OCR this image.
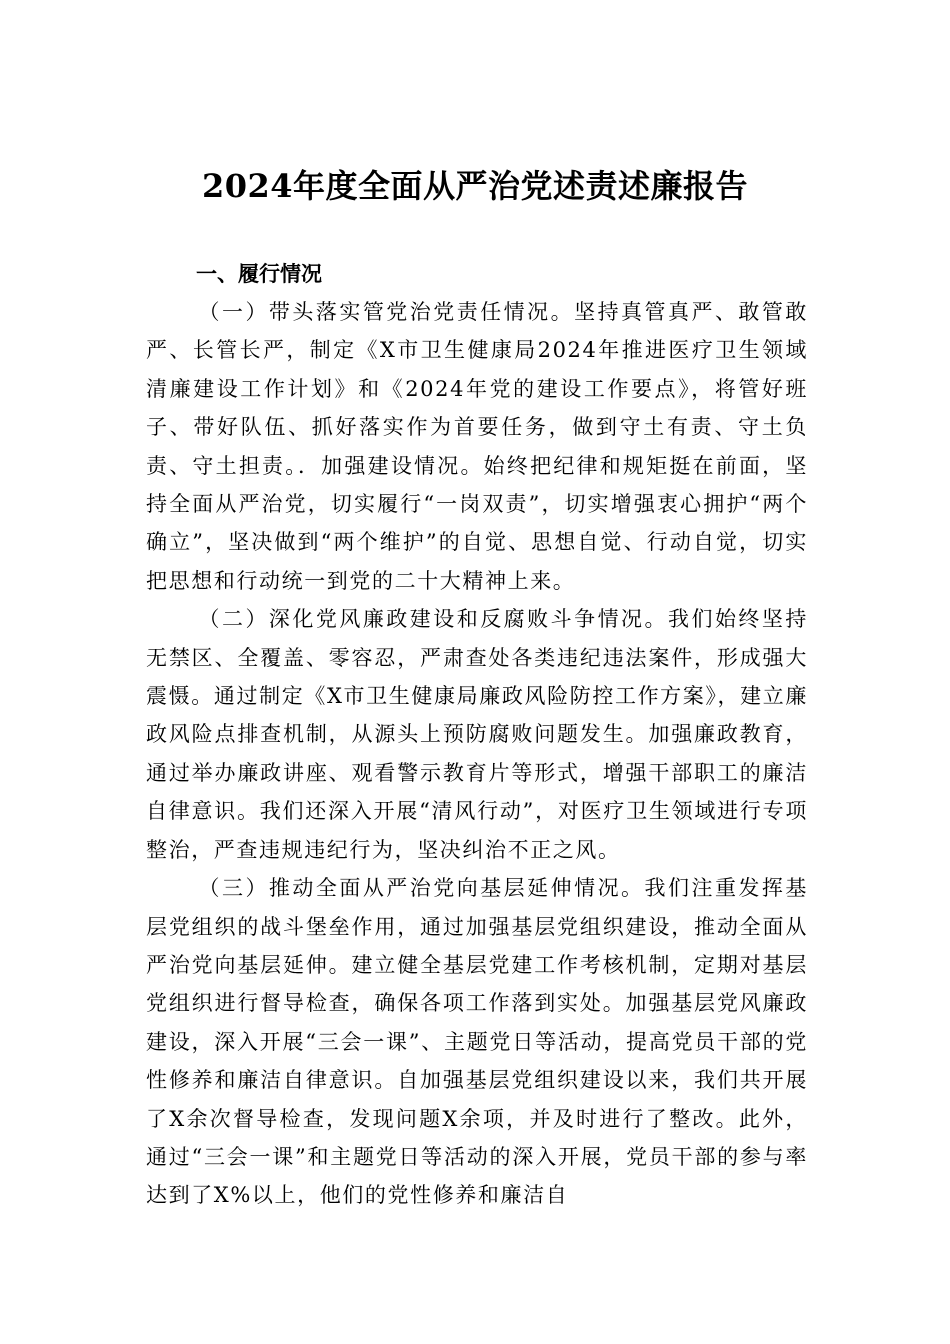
2024年度全面从严治党述责述廉报告

一、履行情况

（一）带头落实管党治党责任情况。坚持真管真严、敢管敢严、长管长严，制定《X市卫生健康局2024年推进医疗卫生领域清廉建设工作计划》和《2024年党的建设工作要点》，将管好班子、带好队伍、抓好落实作为首要任务，做到守土有责、守土负责、守土担责。．加强建设情况。始终把纪律和规矩挺在前面，坚持全面从严治党，切实履行“一岗双责”，切实增强衷心拥护“两个确立”，坚决做到“两个维护”的自觉、思想自觉、行动自觉，切实把思想和行动统一到党的二十大精神上来。

（二）深化党风廉政建设和反腐败斗争情况。我们始终坚持无禁区、全覆盖、零容忍，严肃查处各类违纪违法案件，形成强大震慑。通过制定《X市卫生健康局廉政风险防控工作方案》，建立廉政风险点排查机制，从源头上预防腐败问题发生。加强廉政教育，通过举办廉政讲座、观看警示教育片等形式，增强干部职工的廉洁自律意识。我们还深入开展“清风行动”，对医疗卫生领域进行专项整治，严查违规违纪行为，坚决纠治不正之风。

（三）推动全面从严治党向基层延伸情况。我们注重发挥基层党组织的战斗堡垒作用，通过加强基层党组织建设，推动全面从严治党向基层延伸。建立健全基层党建工作考核机制，定期对基层党组织进行督导检查，确保各项工作落到实处。加强基层党风廉政建设，深入开展“三会一课”、主题党日等活动，提高党员干部的党性修养和廉洁自律意识。自加强基层党组织建设以来，我们共开展了X余次督导检查，发现问题X余项，并及时进行了整改。此外，通过“三会一课”和主题党日等活动的深入开展，党员干部的参与率达到了X%以上，他们的党性修养和廉洁自
